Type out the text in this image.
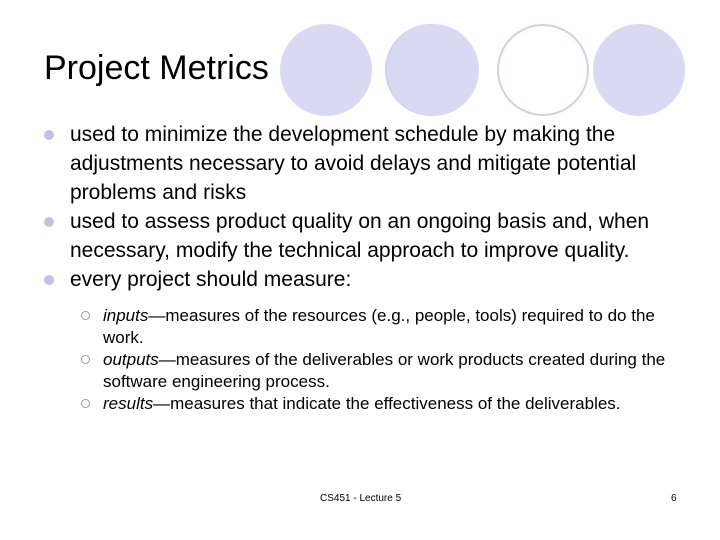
Project Metrics
used to minimize the development schedule by making the adjustments necessary to avoid delays and mitigate potential problems and risks
used to assess product quality on an ongoing basis and, when necessary, modify the technical approach to improve quality.
every project should measure:
inputs—measures of the resources (e.g., people, tools) required to do the work.
outputs—measures of the deliverables or work products created during the software engineering process.
results—measures that indicate the effectiveness of the deliverables.
CS451 - Lecture 5	6
